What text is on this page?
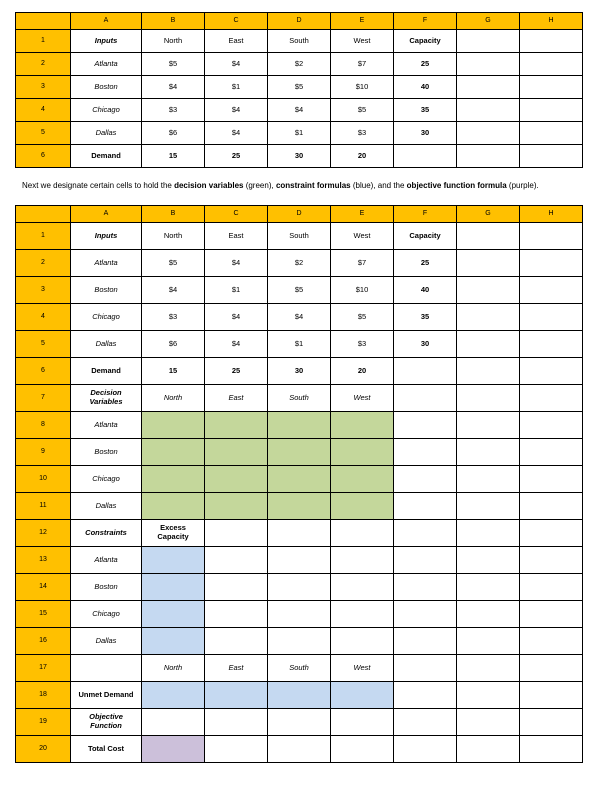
	A	B	C	D	E	F	G	H
1	Inputs	North	East	South	West	Capacity		
2	Atlanta	$5	$4	$2	$7	25		
3	Boston	$4	$1	$5	$10	40		
4	Chicago	$3	$4	$4	$5	35		
5	Dallas	$6	$4	$1	$3	30		
6	Demand	15	25	30	20			
Next we designate certain cells to hold the decision variables (green), constraint formulas (blue), and the objective function formula (purple).
	A	B	C	D	E	F	G	H
1	Inputs	North	East	South	West	Capacity		
2	Atlanta	$5	$4	$2	$7	25		
3	Boston	$4	$1	$5	$10	40		
4	Chicago	$3	$4	$4	$5	35		
5	Dallas	$6	$4	$1	$3	30		
6	Demand	15	25	30	20			
7	Decision Variables	North	East	South	West			
8	Atlanta							
9	Boston							
10	Chicago							
11	Dallas							
12	Constraints	Excess Capacity						
13	Atlanta							
14	Boston							
15	Chicago							
16	Dallas							
17		North	East	South	West			
18	Unmet Demand							
19	Objective Function							
20	Total Cost							
